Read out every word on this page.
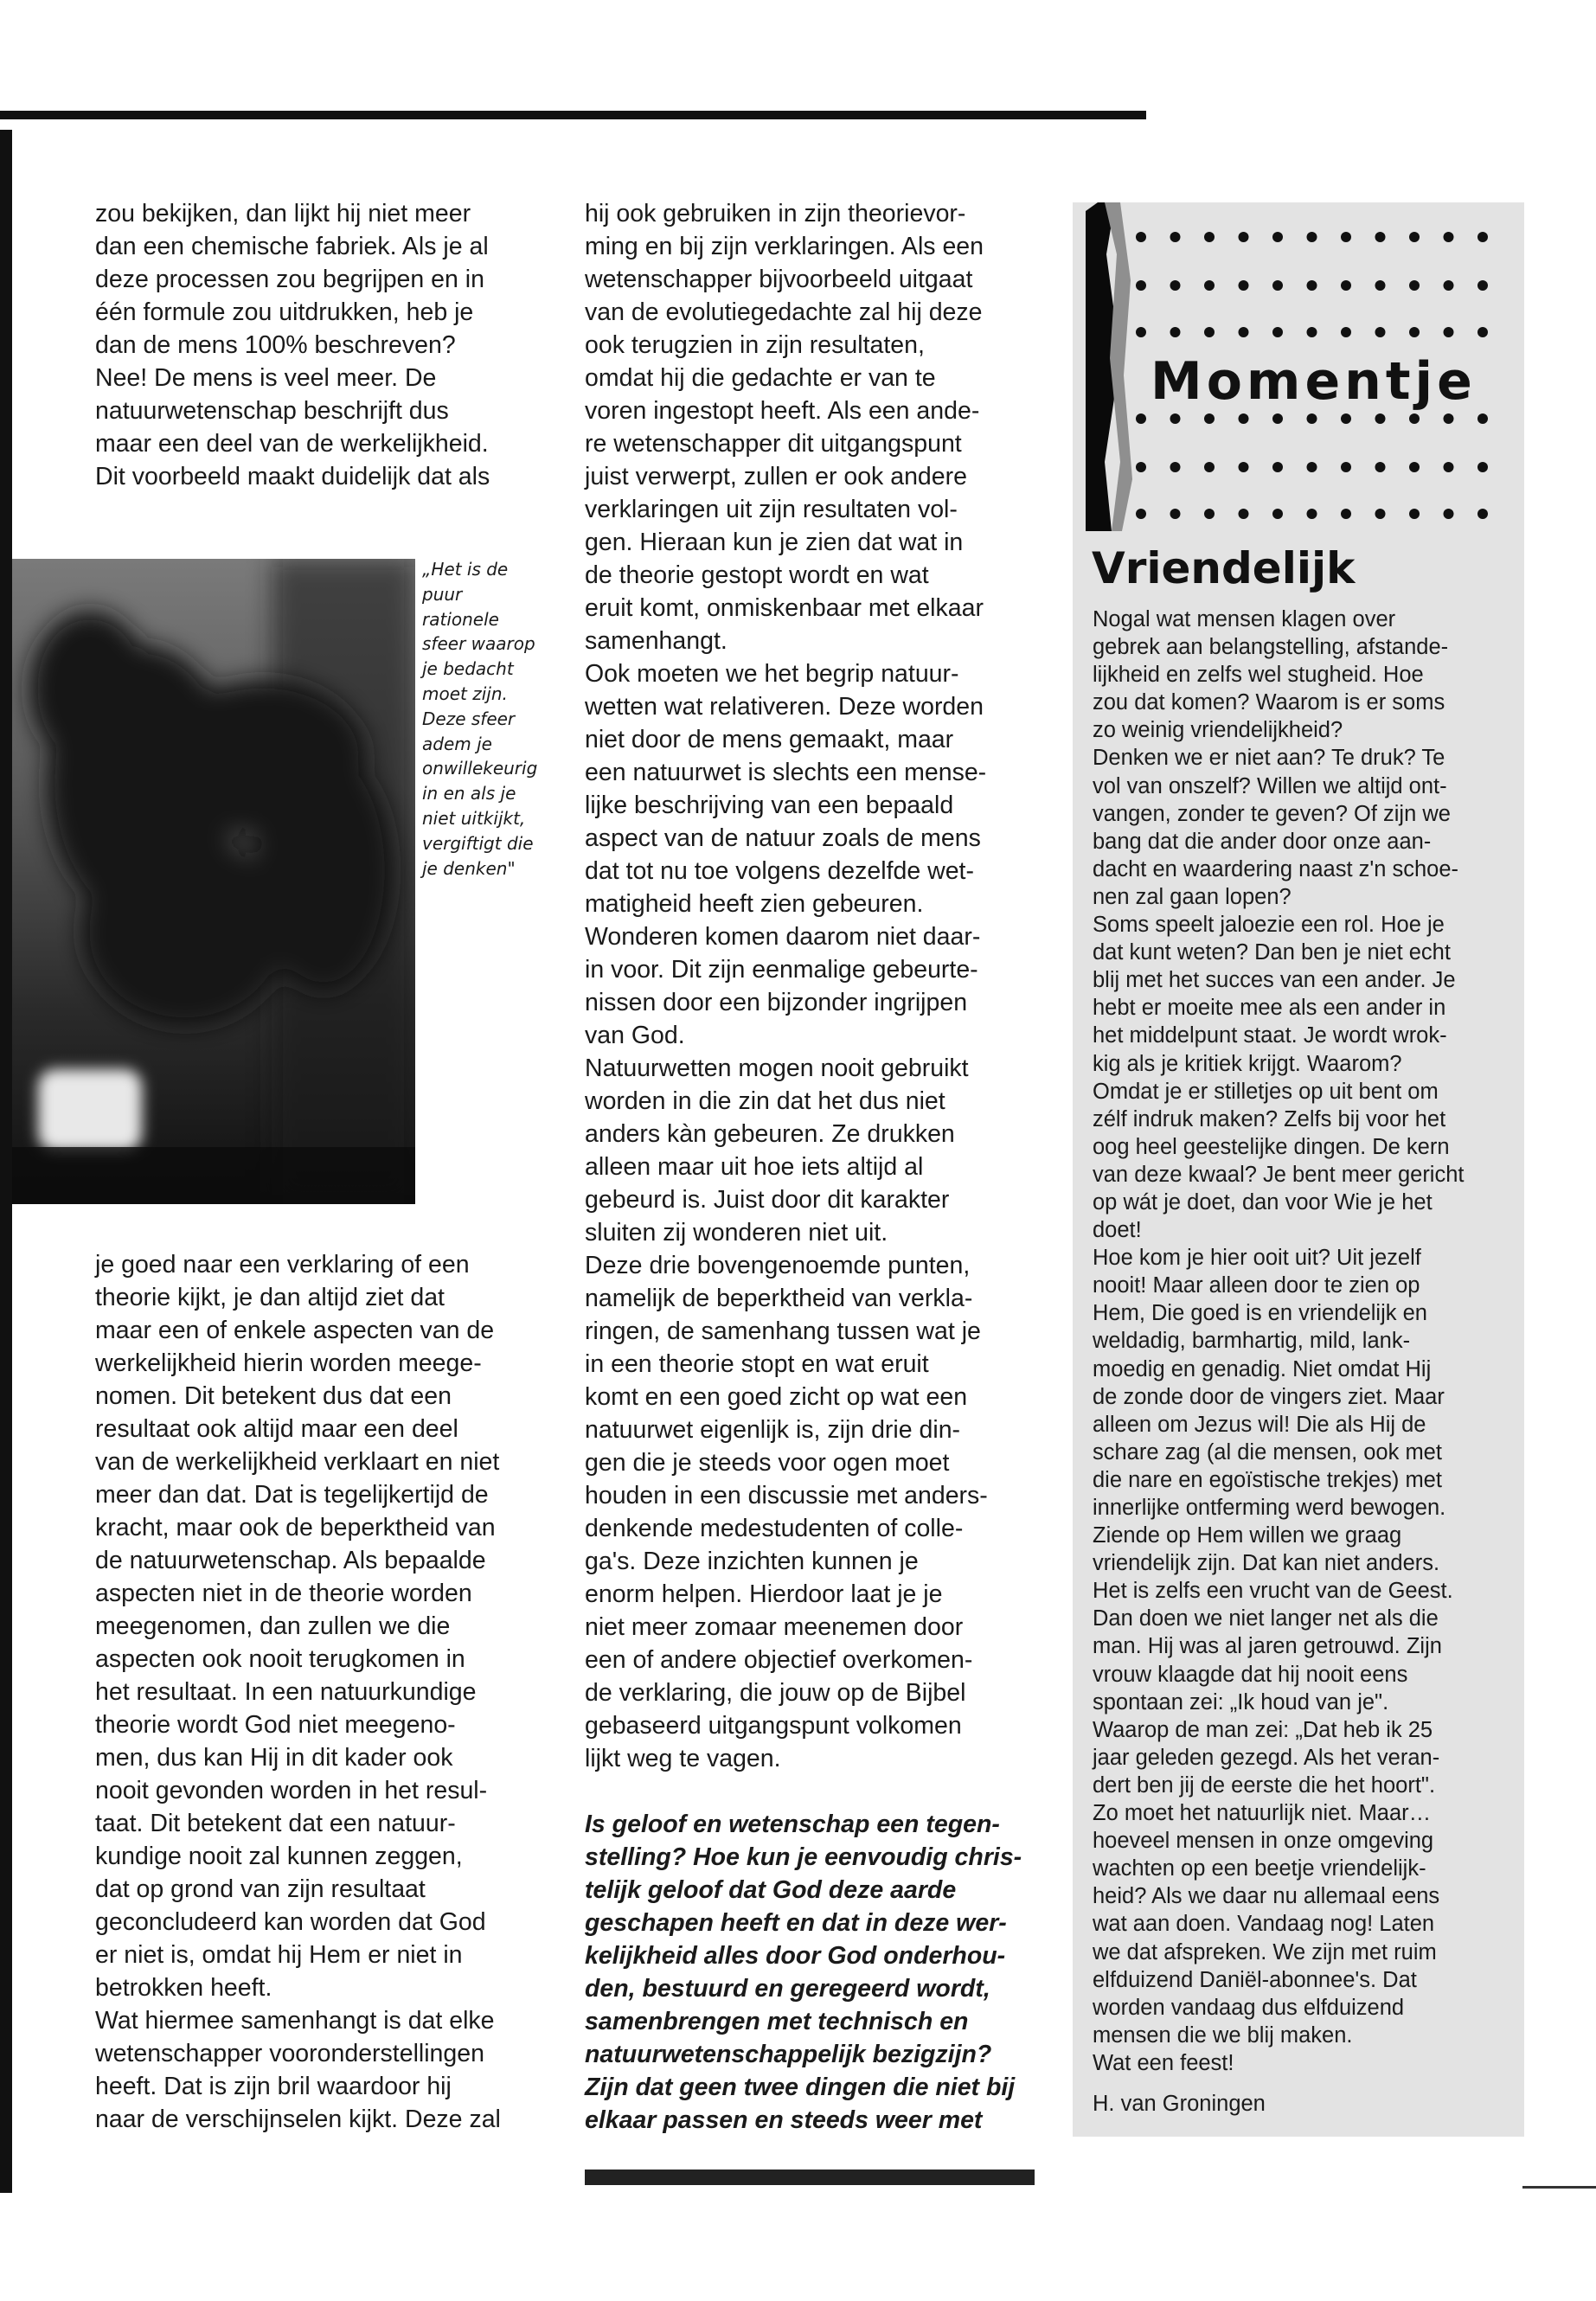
zou bekijken, dan lijkt hij niet meer
dan een chemische fabriek. Als je al
deze processen zou begrijpen en in
één formule zou uitdrukken, heb je
dan de mens 100% beschreven?
Nee! De mens is veel meer. De
natuurwetenschap beschrijft dus
maar een deel van de werkelijkheid.
Dit voorbeeld maakt duidelijk dat als

„Het is de
puur
rationele
sfeer waarop
je bedacht
moet zijn.
Deze sfeer
adem je
onwillekeurig
in en als je
niet uitkijkt,
vergiftigt die
je denken"

je goed naar een verklaring of een
theorie kijkt, je dan altijd ziet dat
maar een of enkele aspecten van de
werkelijkheid hierin worden meege-
nomen. Dit betekent dus dat een
resultaat ook altijd maar een deel
van de werkelijkheid verklaart en niet
meer dan dat. Dat is tegelijkertijd de
kracht, maar ook de beperktheid van
de natuurwetenschap. Als bepaalde
aspecten niet in de theorie worden
meegenomen, dan zullen we die
aspecten ook nooit terugkomen in
het resultaat. In een natuurkundige
theorie wordt God niet meegeno-
men, dus kan Hij in dit kader ook
nooit gevonden worden in het resul-
taat. Dit betekent dat een natuur-
kundige nooit zal kunnen zeggen,
dat op grond van zijn resultaat
geconcludeerd kan worden dat God
er niet is, omdat hij Hem er niet in
betrokken heeft.

Wat hiermee samenhangt is dat elke
wetenschapper vooronderstellingen
heeft. Dat is zijn bril waardoor hij
naar de verschijnselen kijkt. Deze zal

hij ook gebruiken in zijn theorievor-
ming en bij zijn verklaringen. Als een
wetenschapper bijvoorbeeld uitgaat
van de evolutiegedachte zal hij deze
ook terugzien in zijn resultaten,
omdat hij die gedachte er van te
voren ingestopt heeft. Als een ande-
re wetenschapper dit uitgangspunt
juist verwerpt, zullen er ook andere
verklaringen uit zijn resultaten vol-
gen. Hieraan kun je zien dat wat in
de theorie gestopt wordt en wat
eruit komt, onmiskenbaar met elkaar
samenhangt.

Ook moeten we het begrip natuur-
wetten wat relativeren. Deze worden
niet door de mens gemaakt, maar
een natuurwet is slechts een mense-
lijke beschrijving van een bepaald
aspect van de natuur zoals de mens
dat tot nu toe volgens dezelfde wet-
matigheid heeft zien gebeuren.

Wonderen komen daarom niet daar-
in voor. Dit zijn eenmalige gebeurte-
nissen door een bijzonder ingrijpen
van God.

Natuurwetten mogen nooit gebruikt
worden in die zin dat het dus niet
anders kàn gebeuren. Ze drukken
alleen maar uit hoe iets altijd al
gebeurd is. Juist door dit karakter
sluiten zij wonderen niet uit.

Deze drie bovengenoemde punten,
namelijk de beperktheid van verkla-
ringen, de samenhang tussen wat je
in een theorie stopt en wat eruit
komt en een goed zicht op wat een
natuurwet eigenlijk is, zijn drie din-
gen die je steeds voor ogen moet
houden in een discussie met anders-
denkende medestudenten of colle-
ga's. Deze inzichten kunnen je
enorm helpen. Hierdoor laat je je
niet meer zomaar meenemen door
een of andere objectief overkomen-
de verklaring, die jouw op de Bijbel
gebaseerd uitgangspunt volkomen
lijkt weg te vagen.

Is geloof en wetenschap een tegen-
stelling? Hoe kun je eenvoudig chris-
telijk geloof dat God deze aarde
geschapen heeft en dat in deze wer-
kelijkheid alles door God onderhou-
den, bestuurd en geregeerd wordt,
samenbrengen met technisch en
natuurwetenschappelijk bezigzijn?
Zijn dat geen twee dingen die niet bij
elkaar passen en steeds weer met

Momentje
Vriendelijk

Nogal wat mensen klagen over
gebrek aan belangstelling, afstande-
lijkheid en zelfs wel stugheid. Hoe
zou dat komen? Waarom is er soms
zo weinig vriendelijkheid?

Denken we er niet aan? Te druk? Te
vol van onszelf? Willen we altijd ont-
vangen, zonder te geven? Of zijn we
bang dat die ander door onze aan-
dacht en waardering naast z'n schoe-
nen zal gaan lopen?

Soms speelt jaloezie een rol. Hoe je
dat kunt weten? Dan ben je niet echt
blij met het succes van een ander. Je
hebt er moeite mee als een ander in
het middelpunt staat. Je wordt wrok-
kig als je kritiek krijgt. Waarom?
Omdat je er stilletjes op uit bent om
zélf indruk maken? Zelfs bij voor het
oog heel geestelijke dingen. De kern
van deze kwaal? Je bent meer gericht
op wát je doet, dan voor Wie je het
doet!

Hoe kom je hier ooit uit? Uit jezelf
nooit! Maar alleen door te zien op
Hem, Die goed is en vriendelijk en
weldadig, barmhartig, mild, lank-
moedig en genadig. Niet omdat Hij
de zonde door de vingers ziet. Maar
alleen om Jezus wil! Die als Hij de
schare zag (al die mensen, ook met
die nare en egoïstische trekjes) met
innerlijke ontferming werd bewogen.

Ziende op Hem willen we graag
vriendelijk zijn. Dat kan niet anders.
Het is zelfs een vrucht van de Geest.
Dan doen we niet langer net als die
man. Hij was al jaren getrouwd. Zijn
vrouw klaagde dat hij nooit eens
spontaan zei: „Ik houd van je".
Waarop de man zei: „Dat heb ik 25
jaar geleden gezegd. Als het veran-
dert ben jij de eerste die het hoort".
Zo moet het natuurlijk niet. Maar…
hoeveel mensen in onze omgeving
wachten op een beetje vriendelijk-
heid? Als we daar nu allemaal eens
wat aan doen. Vandaag nog! Laten
we dat afspreken. We zijn met ruim
elfduizend Daniël-abonnee's. Dat
worden vandaag dus elfduizend
mensen die we blij maken.
Wat een feest!

H. van Groningen
